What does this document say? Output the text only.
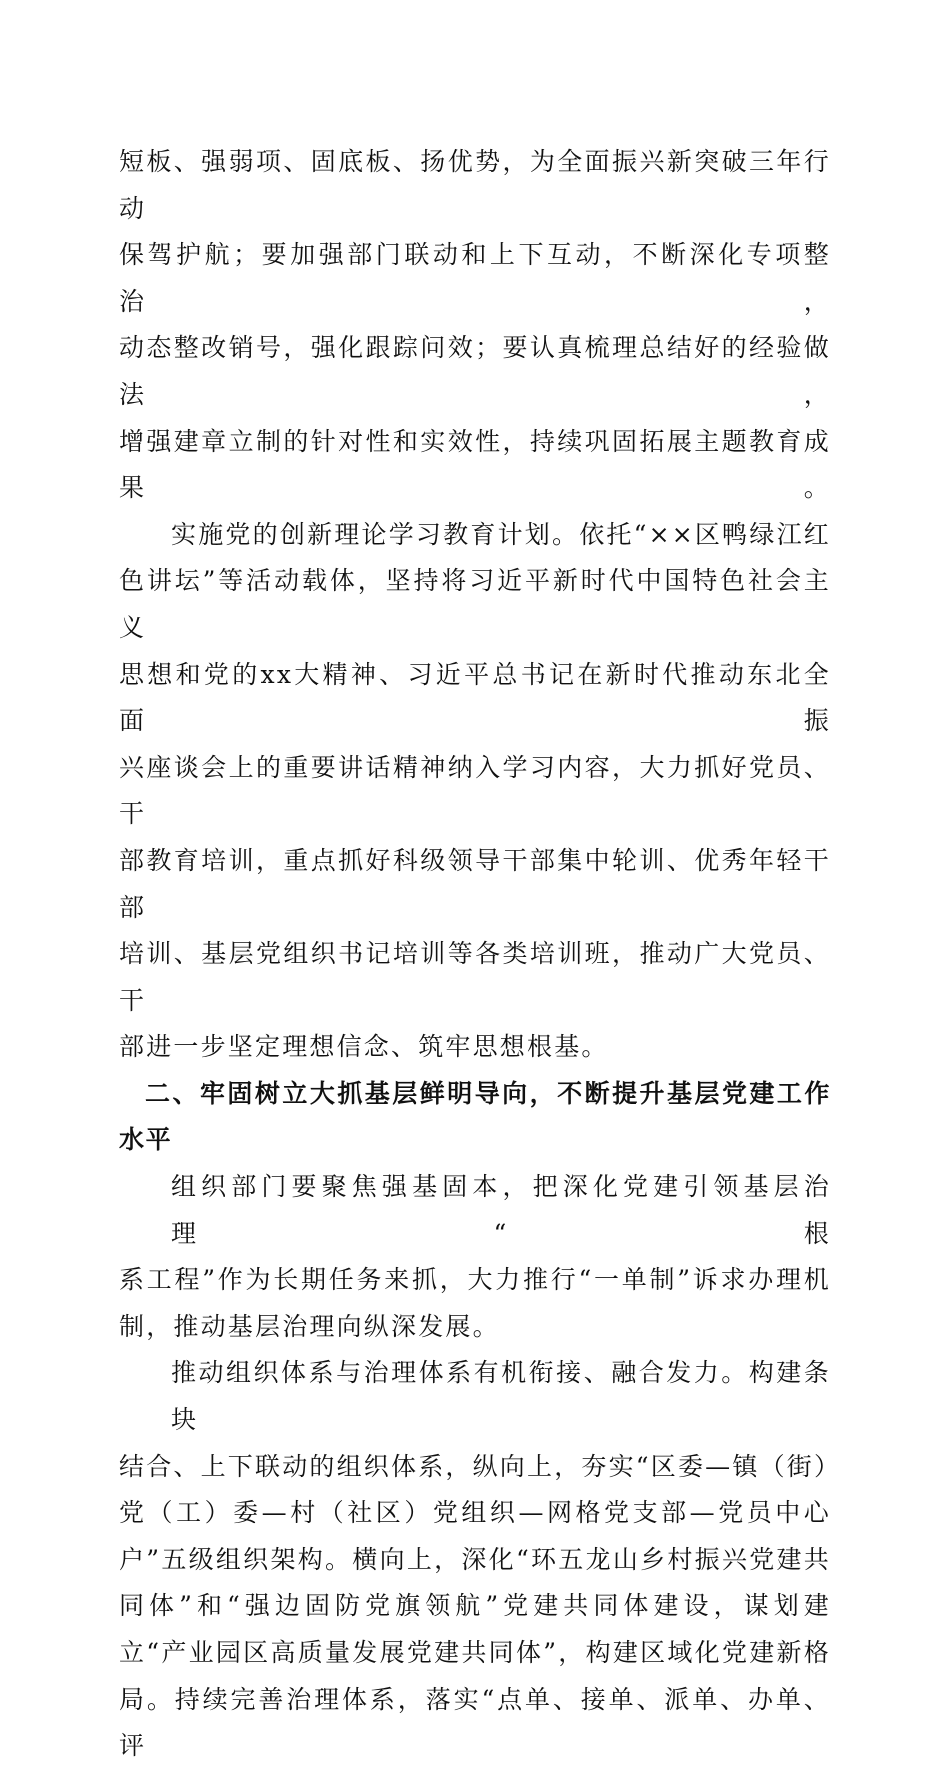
短板、强弱项、固底板、扬优势，为全面振兴新突破三年行动
保驾护航；要加强部门联动和上下互动，不断深化专项整治，
动态整改销号，强化跟踪问效；要认真梳理总结好的经验做法，
增强建章立制的针对性和实效性，持续巩固拓展主题教育成果。

实施党的创新理论学习教育计划。依托“××区鸭绿江红
色讲坛”等活动载体，坚持将习近平新时代中国特色社会主义
思想和党的xx大精神、习近平总书记在新时代推动东北全面振
兴座谈会上的重要讲话精神纳入学习内容，大力抓好党员、干
部教育培训，重点抓好科级领导干部集中轮训、优秀年轻干部
培训、基层党组织书记培训等各类培训班，推动广大党员、干
部进一步坚定理想信念、筑牢思想根基。

二、牢固树立大抓基层鲜明导向，不断提升基层党建工作
水平

组织部门要聚焦强基固本，把深化党建引领基层治理“根
系工程”作为长期任务来抓，大力推行“一单制”诉求办理机
制，推动基层治理向纵深发展。

推动组织体系与治理体系有机衔接、融合发力。构建条块
结合、上下联动的组织体系，纵向上，夯实“区委—镇（街）
党（工）委—村（社区）党组织—网格党支部—党员中心
户”五级组织架构。横向上，深化“环五龙山乡村振兴党建共
同体”和“强边固防党旗领航”党建共同体建设，谋划建
立“产业园区高质量发展党建共同体”，构建区域化党建新格
局。持续完善治理体系，落实“点单、接单、派单、办单、评
